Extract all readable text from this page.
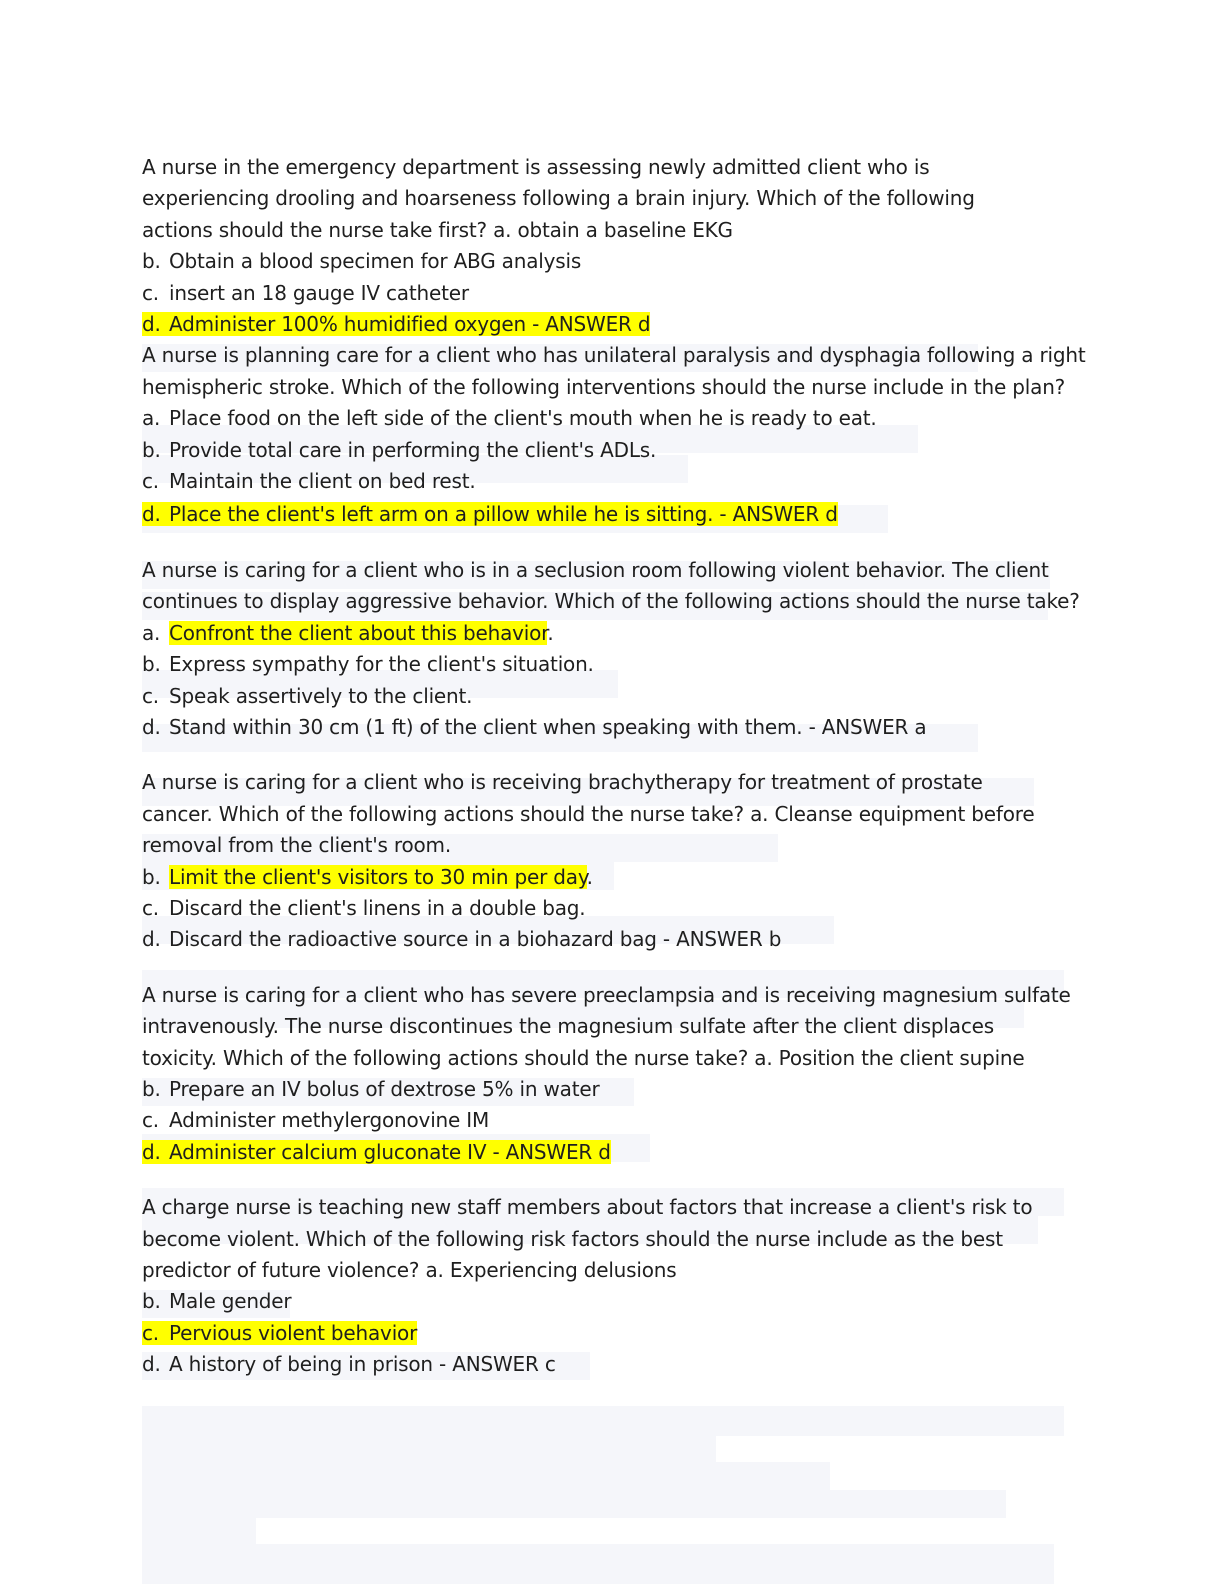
A nurse in the emergency department is assessing newly admitted client who is
experiencing drooling and hoarseness following a brain injury. Which of the following
actions should the nurse take first? a. obtain a baseline EKG
b. Obtain a blood specimen for ABG analysis
c. insert an 18 gauge IV catheter
d. Administer 100% humidified oxygen - ANSWER d
A nurse is planning care for a client who has unilateral paralysis and dysphagia following a right
hemispheric stroke. Which of the following interventions should the nurse include in the plan?
a. Place food on the left side of the client's mouth when he is ready to eat.
b. Provide total care in performing the client's ADLs.
c. Maintain the client on bed rest.
d. Place the client's left arm on a pillow while he is sitting. - ANSWER d
A nurse is caring for a client who is in a seclusion room following violent behavior. The client
continues to display aggressive behavior. Which of the following actions should the nurse take?
a. Confront the client about this behavior.
b. Express sympathy for the client's situation.
c. Speak assertively to the client.
d. Stand within 30 cm (1 ft) of the client when speaking with them. - ANSWER a
A nurse is caring for a client who is receiving brachytherapy for treatment of prostate
cancer. Which of the following actions should the nurse take? a. Cleanse equipment before
removal from the client's room.
b. Limit the client's visitors to 30 min per day.
c. Discard the client's linens in a double bag.
d. Discard the radioactive source in a biohazard bag - ANSWER b
A nurse is caring for a client who has severe preeclampsia and is receiving magnesium sulfate
intravenously. The nurse discontinues the magnesium sulfate after the client displaces
toxicity. Which of the following actions should the nurse take? a. Position the client supine
b. Prepare an IV bolus of dextrose 5% in water
c. Administer methylergonovine IM
d. Administer calcium gluconate IV - ANSWER d
A charge nurse is teaching new staff members about factors that increase a client's risk to
become violent. Which of the following risk factors should the nurse include as the best
predictor of future violence? a. Experiencing delusions
b. Male gender
c. Pervious violent behavior
d. A history of being in prison - ANSWER c
